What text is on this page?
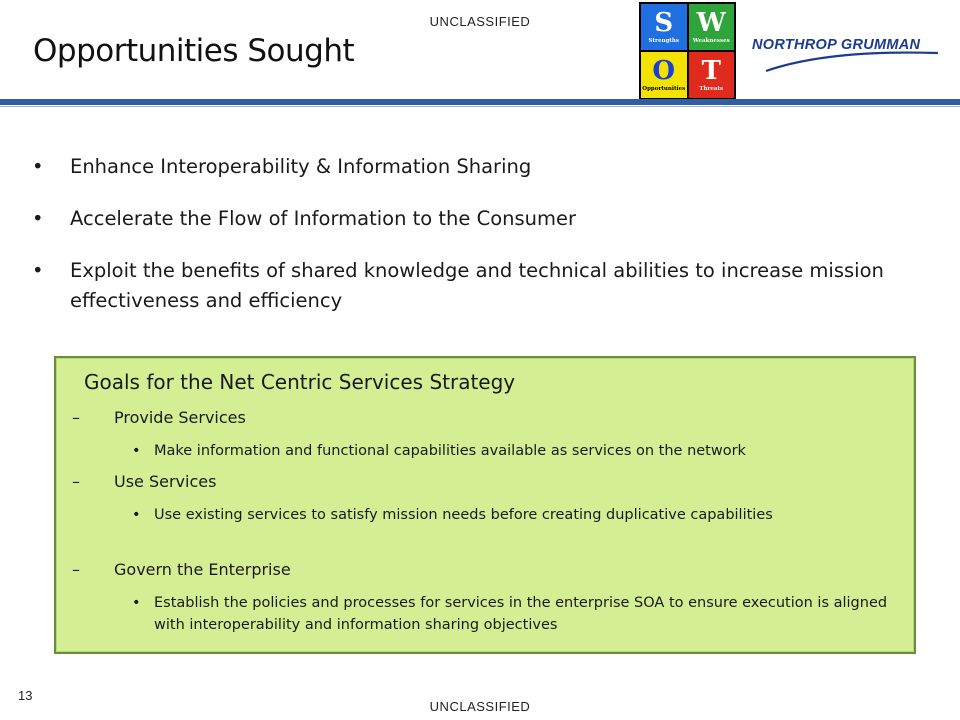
UNCLASSIFIED
Opportunities Sought
S
Strengths
W
Weaknesses
O
Opportunities
T
Threats
NORTHROP GRUMMAN
• Enhance Interoperability & Information Sharing
• Accelerate the Flow of Information to the Consumer
• Exploit the benefits of shared knowledge and technical abilities to increase mission effectiveness and efficiency
Goals for the Net Centric Services Strategy
– Provide Services
• Make information and functional capabilities available as services on the network
– Use Services
• Use existing services to satisfy mission needs before creating duplicative capabilities
– Govern the Enterprise
• Establish the policies and processes for services in the enterprise SOA to ensure execution is aligned with interoperability and information sharing objectives
13
UNCLASSIFIED
